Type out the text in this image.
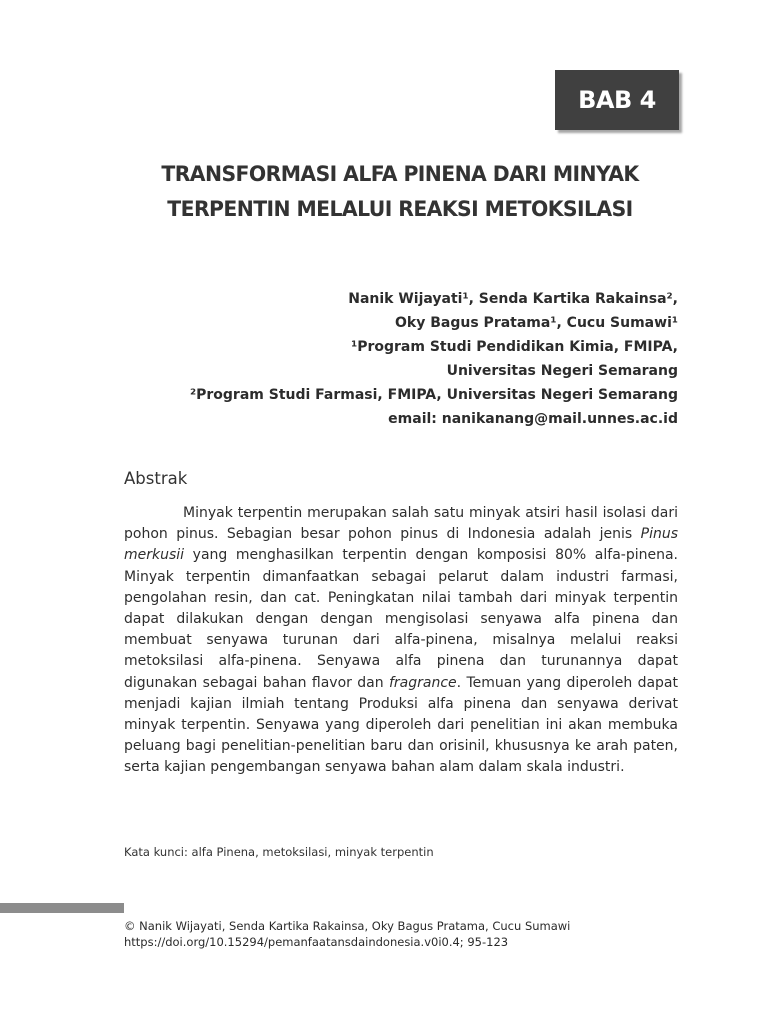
BAB 4
TRANSFORMASI ALFA PINENA DARI MINYAK
TERPENTIN MELALUI REAKSI METOKSILASI
Nanik Wijayati¹, Senda Kartika Rakainsa²,
Oky Bagus Pratama¹, Cucu Sumawi¹
¹Program Studi Pendidikan Kimia, FMIPA,
Universitas Negeri Semarang
²Program Studi Farmasi, FMIPA, Universitas Negeri Semarang
email: nanikanang@mail.unnes.ac.id
Abstrak

Minyak terpentin merupakan salah satu minyak atsiri hasil isolasi dari pohon pinus. Sebagian besar pohon pinus di Indonesia adalah jenis Pinus merkusii yang menghasilkan terpentin dengan komposisi 80% alfa-pinena. Minyak terpentin dimanfaatkan sebagai pelarut dalam industri farmasi, pengolahan resin, dan cat. Peningkatan nilai tambah dari minyak terpentin dapat dilakukan dengan dengan mengisolasi senyawa alfa pinena dan membuat senyawa turunan dari alfa-pinena, misalnya melalui reaksi metoksilasi alfa-pinena. Senyawa alfa pinena dan turunannya dapat digunakan sebagai bahan flavor dan fragrance. Temuan yang diperoleh dapat menjadi kajian ilmiah tentang Produksi alfa pinena dan senyawa derivat minyak terpentin. Senyawa yang diperoleh dari penelitian ini akan membuka peluang bagi penelitian-penelitian baru dan orisinil, khususnya ke arah paten, serta kajian pengembangan senyawa bahan alam dalam skala industri.

Kata kunci: alfa Pinena, metoksilasi, minyak terpentin

© Nanik Wijayati, Senda Kartika Rakainsa, Oky Bagus Pratama, Cucu Sumawi
https://doi.org/10.15294/pemanfaatansdaindonesia.v0i0.4; 95-123
